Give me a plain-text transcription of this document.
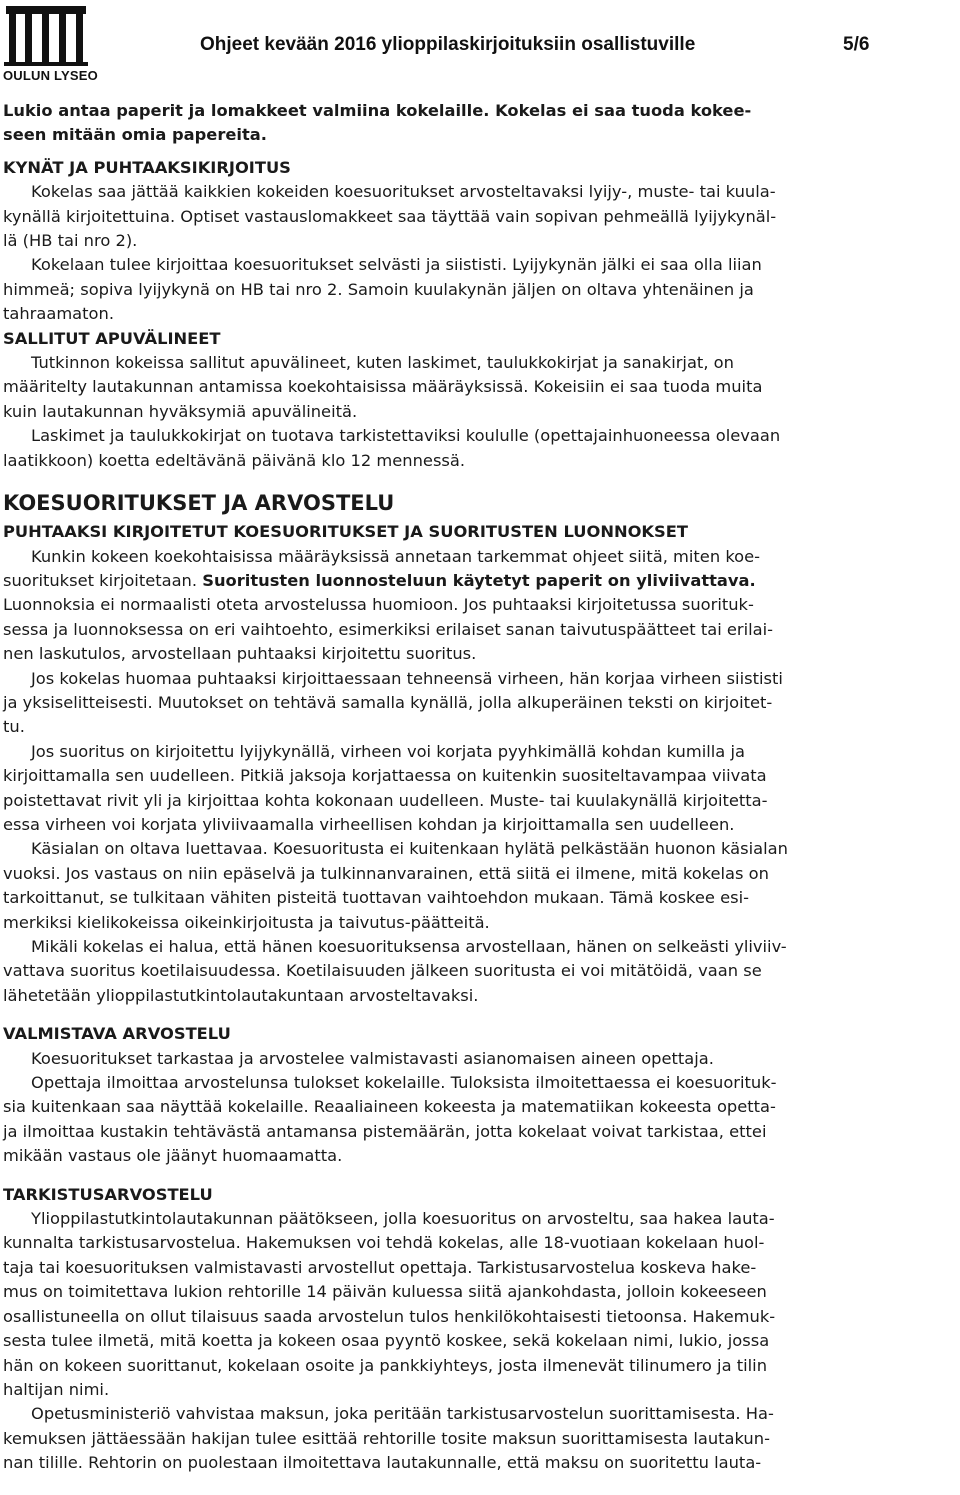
OULUN LYSEO
Ohjeet kevään 2016 ylioppilaskirjoituksiin osallistuville	5/6

Lukio antaa paperit ja lomakkeet valmiina kokelaille. Kokelas ei saa tuoda kokee-

seen mitään omia papereita.

KYNÄT JA PUHTAAKSIKIRJOITUS

Kokelas saa jättää kaikkien kokeiden koesuoritukset arvosteltavaksi lyijy-, muste- tai kuula-

kynällä kirjoitettuina. Optiset vastauslomakkeet saa täyttää vain sopivan pehmeällä lyijykynäl-

lä (HB tai nro 2).

Kokelaan tulee kirjoittaa koesuoritukset selvästi ja siististi. Lyijykynän jälki ei saa olla liian

himmeä; sopiva lyijykynä on HB tai nro 2. Samoin kuulakynän jäljen on oltava yhtenäinen ja

tahraamaton.

SALLITUT APUVÄLINEET

Tutkinnon kokeissa sallitut apuvälineet, kuten laskimet, taulukkokirjat ja sanakirjat, on

määritelty lautakunnan antamissa koekohtaisissa määräyksissä. Kokeisiin ei saa tuoda muita

kuin lautakunnan hyväksymiä apuvälineitä.

Laskimet ja taulukkokirjat on tuotava tarkistettaviksi koululle (opettajainhuoneessa olevaan

laatikkoon) koetta edeltävänä päivänä klo 12 mennessä.

KOESUORITUKSET JA ARVOSTELU

PUHTAAKSI KIRJOITETUT KOESUORITUKSET JA SUORITUSTEN LUONNOKSET

Kunkin kokeen koekohtaisissa määräyksissä annetaan tarkemmat ohjeet siitä, miten koe-

suoritukset kirjoitetaan. Suoritusten luonnosteluun käytetyt paperit on yliviivattava.

Luonnoksia ei normaalisti oteta arvostelussa huomioon. Jos puhtaaksi kirjoitetussa suorituk-

sessa ja luonnoksessa on eri vaihtoehto, esimerkiksi erilaiset sanan taivutuspäätteet tai erilai-

nen laskutulos, arvostellaan puhtaaksi kirjoitettu suoritus.

Jos kokelas huomaa puhtaaksi kirjoittaessaan tehneensä virheen, hän korjaa virheen siististi

ja yksiselitteisesti. Muutokset on tehtävä samalla kynällä, jolla alkuperäinen teksti on kirjoitet-

tu.

Jos suoritus on kirjoitettu lyijykynällä, virheen voi korjata pyyhkimällä kohdan kumilla ja

kirjoittamalla sen uudelleen. Pitkiä jaksoja korjattaessa on kuitenkin suositeltavampaa viivata

poistettavat rivit yli ja kirjoittaa kohta kokonaan uudelleen. Muste- tai kuulakynällä kirjoitetta-

essa virheen voi korjata yliviivaamalla virheellisen kohdan ja kirjoittamalla sen uudelleen.

Käsialan on oltava luettavaa. Koesuoritusta ei kuitenkaan hylätä pelkästään huonon käsialan

vuoksi. Jos vastaus on niin epäselvä ja tulkinnanvarainen, että siitä ei ilmene, mitä kokelas on

tarkoittanut, se tulkitaan vähiten pisteitä tuottavan vaihtoehdon mukaan. Tämä koskee esi-

merkiksi kielikokeissa oikeinkirjoitusta ja taivutus-päätteitä.

Mikäli kokelas ei halua, että hänen koesuorituksensa arvostellaan, hänen on selkeästi yliviiv-

vattava suoritus koetilaisuudessa. Koetilaisuuden jälkeen suoritusta ei voi mitätöidä, vaan se

lähetetään ylioppilastutkintolautakuntaan arvosteltavaksi.

VALMISTAVA ARVOSTELU

Koesuoritukset tarkastaa ja arvostelee valmistavasti asianomaisen aineen opettaja.

Opettaja ilmoittaa arvostelunsa tulokset kokelaille. Tuloksista ilmoitettaessa ei koesuorituk-

sia kuitenkaan saa näyttää kokelaille. Reaaliaineen kokeesta ja matematiikan kokeesta opetta-

ja ilmoittaa kustakin tehtävästä antamansa pistemäärän, jotta kokelaat voivat tarkistaa, ettei

mikään vastaus ole jäänyt huomaamatta.

TARKISTUSARVOSTELU

Ylioppilastutkintolautakunnan päätökseen, jolla koesuoritus on arvosteltu, saa hakea lauta-

kunnalta tarkistusarvostelua. Hakemuksen voi tehdä kokelas, alle 18-vuotiaan kokelaan huol-

taja tai koesuorituksen valmistavasti arvostellut opettaja. Tarkistusarvostelua koskeva hake-

mus on toimitettava lukion rehtorille 14 päivän kuluessa siitä ajankohdasta, jolloin kokeeseen

osallistuneella on ollut tilaisuus saada arvostelun tulos henkilökohtaisesti tietoonsa. Hakemuk-

sesta tulee ilmetä, mitä koetta ja kokeen osaa pyyntö koskee, sekä kokelaan nimi, lukio, jossa

hän on kokeen suorittanut, kokelaan osoite ja pankkiyhteys, josta ilmenevät tilinumero ja tilin

haltijan nimi.

Opetusministeriö vahvistaa maksun, joka peritään tarkistusarvostelun suorittamisesta. Ha-

kemuksen jättäessään hakijan tulee esittää rehtorille tosite maksun suorittamisesta lautakun-

nan tilille. Rehtorin on puolestaan ilmoitettava lautakunnalle, että maksu on suoritettu lauta-
